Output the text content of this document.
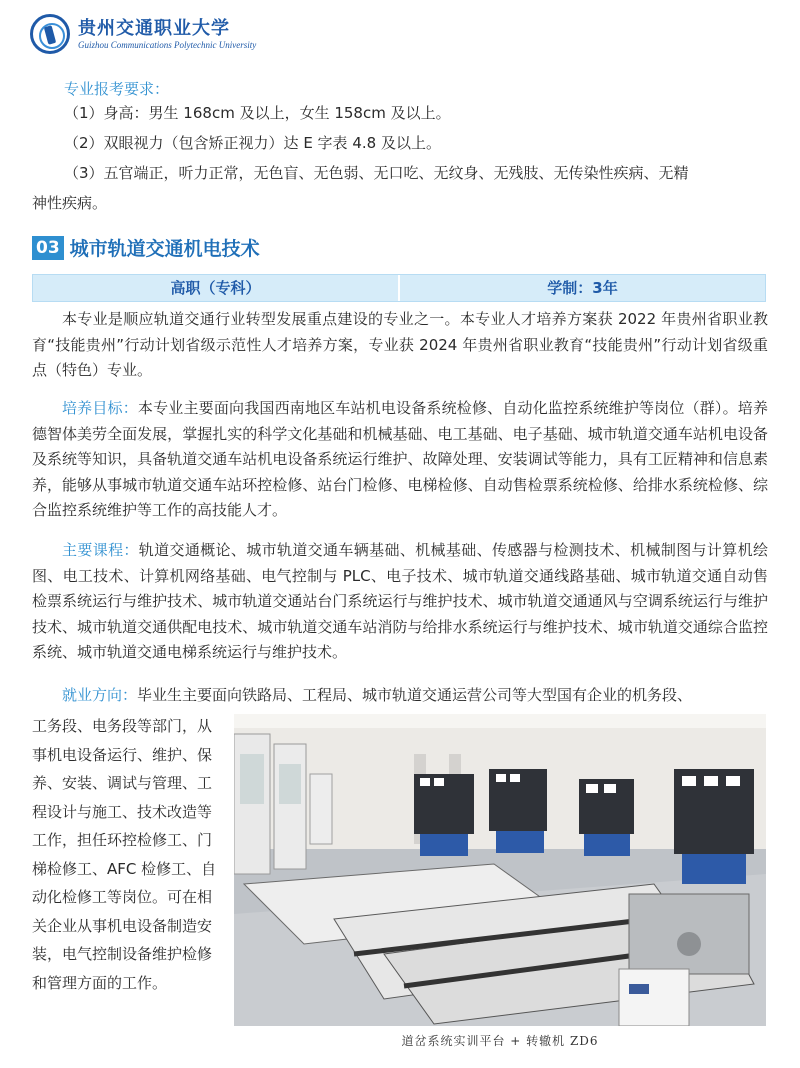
贵州交通职业大学
Guizhou Communications Polytechnic University
专业报考要求：
（1）身高：男生 168cm 及以上，女生 158cm 及以上。
（2）双眼视力（包含矫正视力）达 E 字表 4.8 及以上。
（3）五官端正，听力正常，无色盲、无色弱、无口吃、无纹身、无残肢、无传染性疾病、无精
神性疾病。
03 城市轨道交通机电技术
高职（专科）	学制：3年

本专业是顺应轨道交通行业转型发展重点建设的专业之一。本专业人才培养方案获 2022 年贵州省职业教育“技能贵州”行动计划省级示范性人才培养方案，专业获 2024 年贵州省职业教育“技能贵州”行动计划省级重点（特色）专业。

培养目标：本专业主要面向我国西南地区车站机电设备系统检修、自动化监控系统维护等岗位（群）。培养德智体美劳全面发展，掌握扎实的科学文化基础和机械基础、电工基础、电子基础、城市轨道交通车站机电设备及系统等知识，具备轨道交通车站机电设备系统运行维护、故障处理、安装调试等能力，具有工匠精神和信息素养，能够从事城市轨道交通车站环控检修、站台门检修、电梯检修、自动售检票系统检修、给排水系统检修、综合监控系统维护等工作的高技能人才。

主要课程：轨道交通概论、城市轨道交通车辆基础、机械基础、传感器与检测技术、机械制图与计算机绘图、电工技术、计算机网络基础、电气控制与 PLC、电子技术、城市轨道交通线路基础、城市轨道交通自动售检票系统运行与维护技术、城市轨道交通站台门系统运行与维护技术、城市轨道交通通风与空调系统运行与维护技术、城市轨道交通供配电技术、城市轨道交通车站消防与给排水系统运行与维护技术、城市轨道交通综合监控系统、城市轨道交通电梯系统运行与维护技术。

就业方向：毕业生主要面向铁路局、工程局、城市轨道交通运营公司等大型国有企业的机务段、

工务段、电务段等部门，从事机电设备运行、维护、保养、安装、调试与管理、工程设计与施工、技术改造等工作，担任环控检修工、门梯检修工、AFC 检修工、自动化检修工等岗位。可在相关企业从事机电设备制造安装，电气控制设备维护检修和管理方面的工作。

道岔系统实训平台 + 转辙机 ZD6
